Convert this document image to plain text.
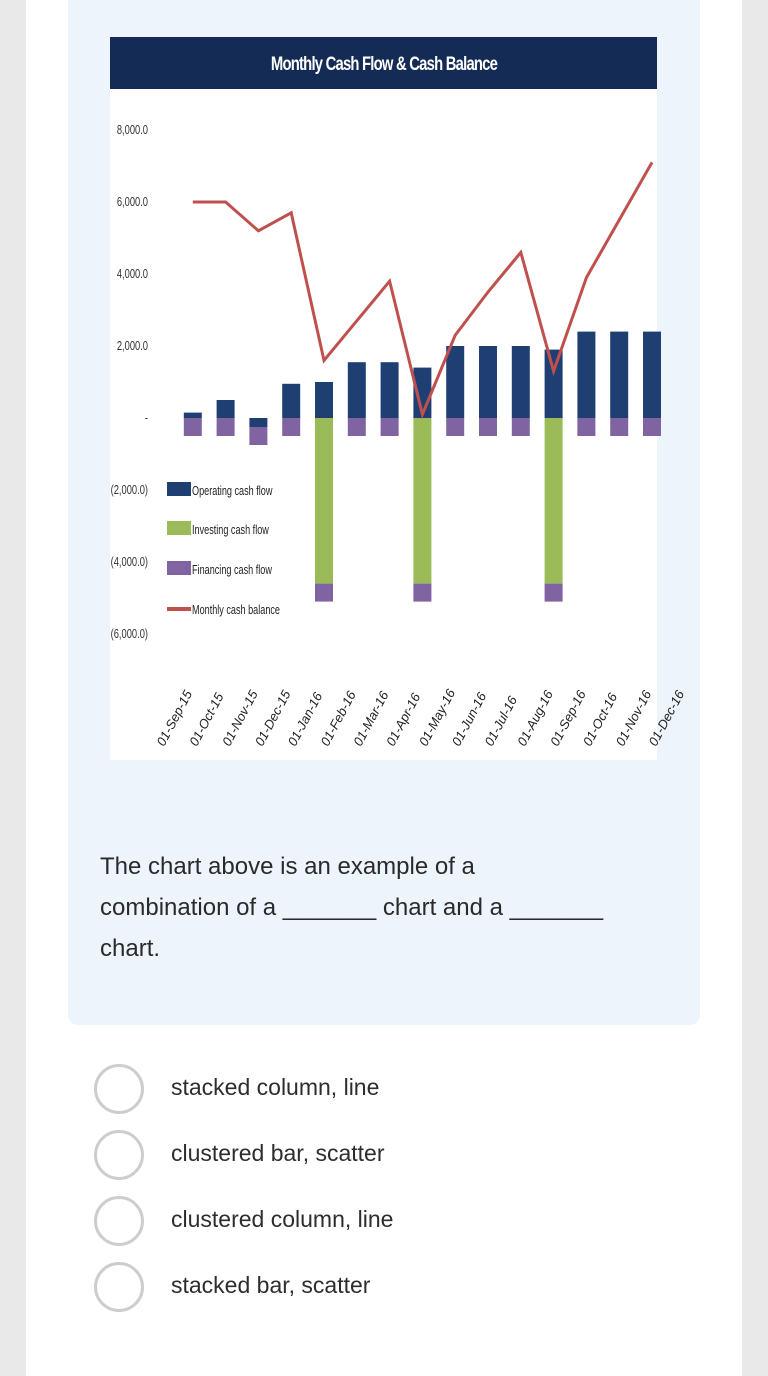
8,000.0
6,000.0
4,000.0
2,000.0
-
(2,000.0)
(4,000.0)
(6,000.0)
Operating cash flow
Investing cash flow
Financing cash flow
Monthly cash balance
01-Sep-15
01-Oct-15
01-Nov-15
01-Dec-15
01-Jan-16
01-Feb-16
01-Mar-16
01-Apr-16
01-May-16
01-Jun-16
01-Jul-16
01-Aug-16
01-Sep-16
01-Oct-16
01-Nov-16
01-Dec-16
Monthly Cash Flow & Cash Balance
The chart above is an example of a
combination of a _______ chart and a _______
chart.
stacked column, line
clustered bar, scatter
clustered column, line
stacked bar, scatter
